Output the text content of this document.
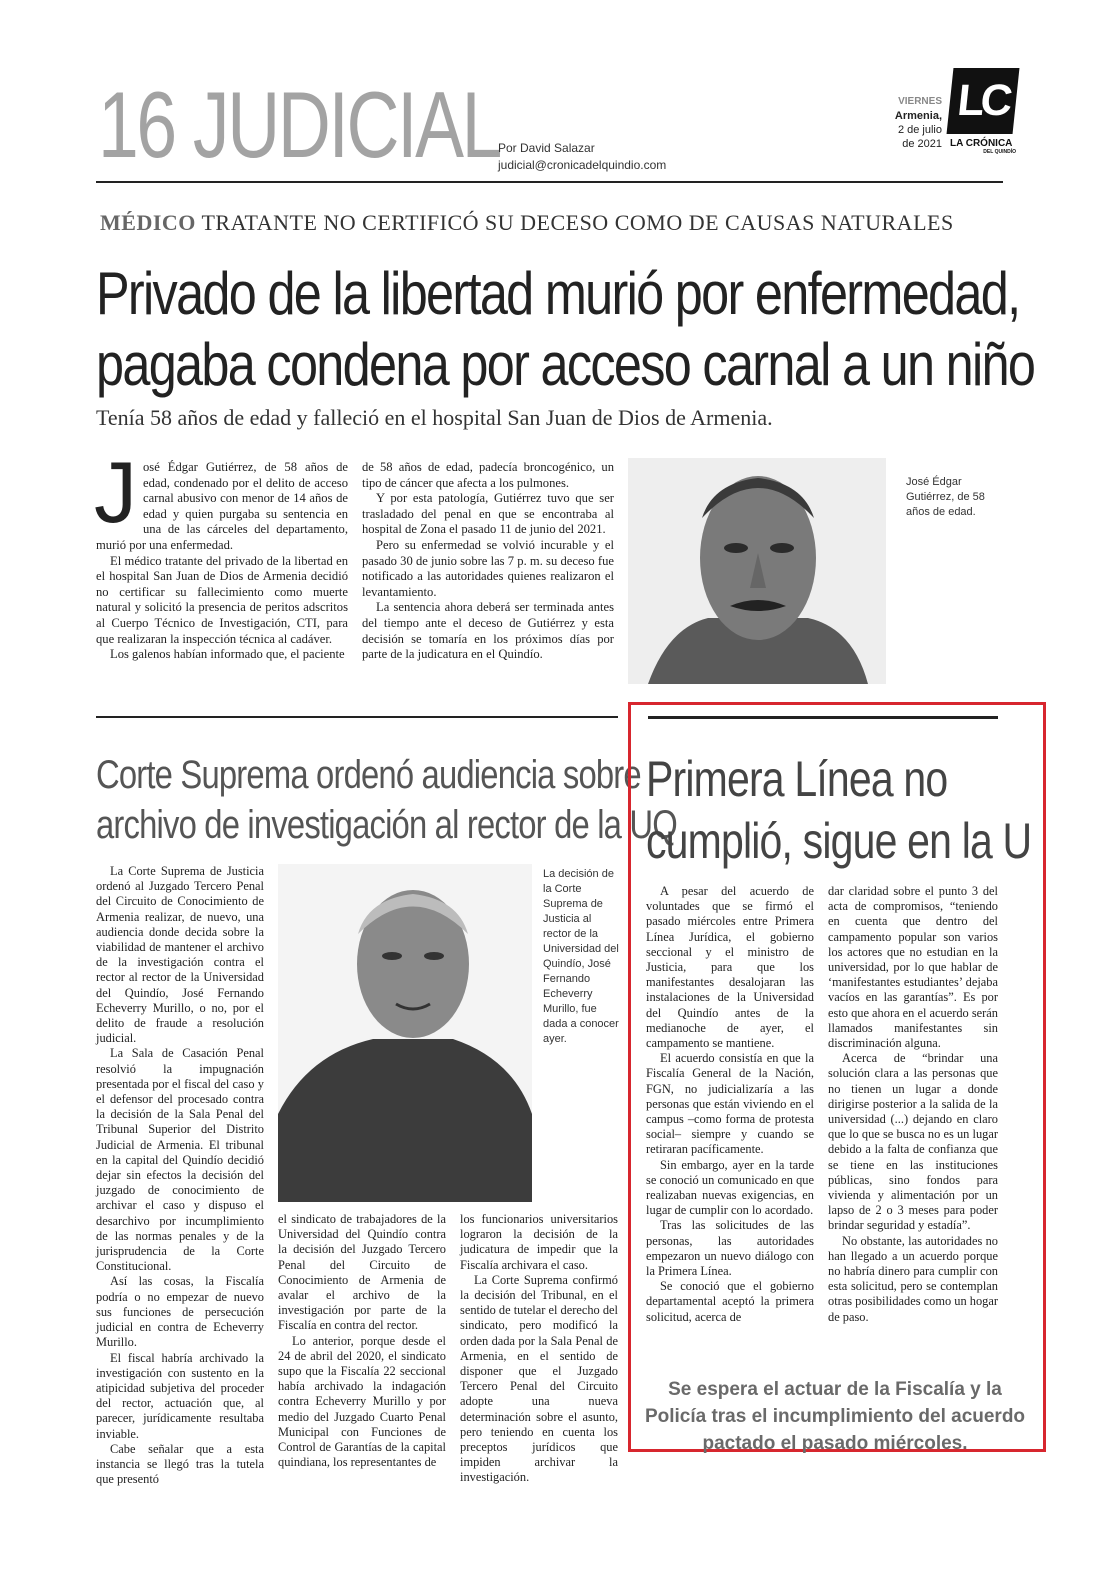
16 JUDICIAL
Por David Salazar
judicial@cronicadelquindio.com
VIERNES
Armenia,
2 de julio
de 2021
LC
LA CRÓNICA
DEL QUINDÍO
MÉDICO TRATANTE NO CERTIFICÓ SU DECESO COMO DE CAUSAS NATURALES
Privado de la libertad murió por enfermedad,
pagaba condena por acceso carnal a un niño
Tenía 58 años de edad y falleció en el hospital San Juan de Dios de Armenia.

José Édgar Gutiérrez, de 58 años de edad, condenado por el delito de acceso carnal abusivo con menor de 14 años de edad y quien purgaba su sentencia en una de las cárceles del departamento, murió por una enfermedad.

El médico tratante del privado de la libertad en el hospital San Juan de Dios de Armenia decidió no certificar su fallecimiento como muerte natural y solicitó la presencia de peritos adscritos al Cuerpo Técnico de Investigación, CTI, para que realizaran la inspección técnica al cadáver.

Los galenos habían informado que, el paciente

de 58 años de edad, padecía broncogénico, un tipo de cáncer que afecta a los pulmones.

Y por esta patología, Gutiérrez tuvo que ser trasladado del penal en que se encontraba al hospital de Zona el pasado 11 de junio del 2021.

Pero su enfermedad se volvió incurable y el pasado 30 de junio sobre las 7 p. m. su deceso fue notificado a las autoridades quienes realizaron el levantamiento.

La sentencia ahora deberá ser terminada antes del tiempo ante el deceso de Gutiérrez y esta decisión se tomaría en los próximos días por parte de la judicatura en el Quindío.

José Édgar Gutiérrez, de 58 años de edad.
Corte Suprema ordenó audiencia sobre
archivo de investigación al rector de la UQ

La Corte Suprema de Justicia ordenó al Juzgado Tercero Penal del Circuito de Conocimiento de Armenia realizar, de nuevo, una audiencia donde decida sobre la viabilidad de mantener el archivo de la investigación contra el rector al rector de la Universidad del Quindío, José Fernando Echeverry Murillo, o no, por el delito de fraude a resolución judicial.

La Sala de Casación Penal resolvió la impugnación presentada por el fiscal del caso y el defensor del procesado contra la decisión de la Sala Penal del Tribunal Superior del Distrito Judicial de Armenia. El tribunal en la capital del Quindío decidió dejar sin efectos la decisión del juzgado de conocimiento de archivar el caso y dispuso el desarchivo por incumplimiento de las normas penales y de la jurisprudencia de la Corte Constitucional.

Así las cosas, la Fiscalía podría o no empezar de nuevo sus funciones de persecución judicial en contra de Echeverry Murillo.

El fiscal habría archivado la investigación con sustento en la atipicidad subjetiva del proceder del rector, actuación que, al parecer, jurídicamente resultaba inviable.

Cabe señalar que a esta instancia se llegó tras la tutela que presentó

La decisión de la Corte Suprema de Justicia al rector de la Universidad del Quindío, José Fernando Echeverry Murillo, fue dada a conocer ayer.

el sindicato de trabajadores de la Universidad del Quindío contra la decisión del Juzgado Tercero Penal del Circuito de Conocimiento de Armenia de avalar el archivo de la investigación por parte de la Fiscalía en contra del rector.

Lo anterior, porque desde el 24 de abril del 2020, el sindicato supo que la Fiscalía 22 seccional había archivado la indagación contra Echeverry Murillo y por medio del Juzgado Cuarto Penal Municipal con Funciones de Control de Garantías de la capital quindiana, los representantes de

los funcionarios universitarios lograron la decisión de la judicatura de impedir que la Fiscalía archivara el caso.

La Corte Suprema confirmó la decisión del Tribunal, en el sentido de tutelar el derecho del sindicato, pero modificó la orden dada por la Sala Penal de Armenia, en el sentido de disponer que el Juzgado Tercero Penal del Circuito adopte una nueva determinación sobre el asunto, pero teniendo en cuenta los preceptos jurídicos que impiden archivar la investigación.

Primera Línea no
cumplió, sigue en la U

A pesar del acuerdo de voluntades que se firmó el pasado miércoles entre Primera Línea Jurídica, el gobierno seccional y el ministro de Justicia, para que los manifestantes desalojaran las instalaciones de la Universidad del Quindío antes de la medianoche de ayer, el campamento se mantiene.

El acuerdo consistía en que la Fiscalía General de la Nación, FGN, no judicializaría a las personas que están viviendo en el campus –como forma de protesta social– siempre y cuando se retiraran pacíficamente.

Sin embargo, ayer en la tarde se conoció un comunicado en que realizaban nuevas exigencias, en lugar de cumplir con lo acordado.

Tras las solicitudes de las personas, las autoridades empezaron un nuevo diálogo con la Primera Línea.

Se conoció que el gobierno departamental aceptó la primera solicitud, acerca de

dar claridad sobre el punto 3 del acta de compromisos, “teniendo en cuenta que dentro del campamento popular son varios los actores que no estudian en la universidad, por lo que hablar de ‘manifestantes estudiantes’ dejaba vacíos en las garantías”. Es por esto que ahora en el acuerdo serán llamados manifestantes sin discriminación alguna.

Acerca de “brindar una solución clara a las personas que no tienen un lugar a donde dirigirse posterior a la salida de la universidad (...) dejando en claro que lo que se busca no es un lugar debido a la falta de confianza que se tiene en las instituciones públicas, sino fondos para vivienda y alimentación por un lapso de 2 o 3 meses para poder brindar seguridad y estadía”.

No obstante, las autoridades no han llegado a un acuerdo porque no habría dinero para cumplir con esta solicitud, pero se contemplan otras posibilidades como un hogar de paso.

Se espera el actuar de la Fiscalía y la Policía tras el incumplimiento del acuerdo pactado el pasado miércoles.
